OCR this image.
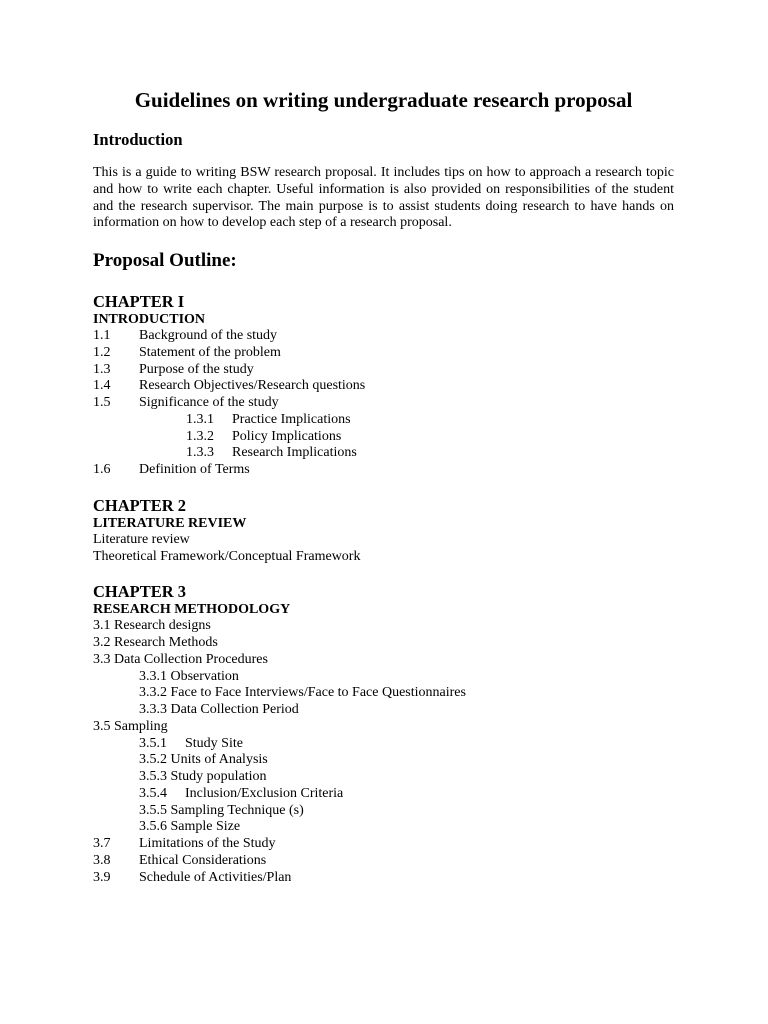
Guidelines on writing undergraduate research proposal
Introduction

This is a guide to writing BSW research proposal. It includes tips on how to approach a research topic and how to write each chapter. Useful information is also provided on responsibilities of the student and the research supervisor. The main purpose is to assist students doing research to have hands on information on how to develop each step of a research proposal.

Proposal Outline:
CHAPTER I
INTRODUCTION
1.1	Background of the study
1.2	Statement of the problem
1.3	Purpose of the study
1.4	Research Objectives/Research questions
1.5	Significance of the study
1.3.1	Practice Implications
1.3.2	Policy Implications
1.3.3	Research Implications
1.6	Definition of Terms
CHAPTER 2
LITERATURE REVIEW
Literature review
Theoretical Framework/Conceptual Framework
CHAPTER 3
RESEARCH METHODOLOGY
3.1 Research designs
3.2 Research Methods
3.3 Data Collection Procedures
3.3.1 Observation
3.3.2 Face to Face Interviews/Face to Face Questionnaires
3.3.3 Data Collection Period
3.5 Sampling
3.5.1	Study Site
3.5.2 Units of Analysis
3.5.3 Study population
3.5.4	Inclusion/Exclusion Criteria
3.5.5 Sampling Technique (s)
3.5.6 Sample Size
3.7	Limitations of the Study
3.8	Ethical Considerations
3.9	Schedule of Activities/Plan
